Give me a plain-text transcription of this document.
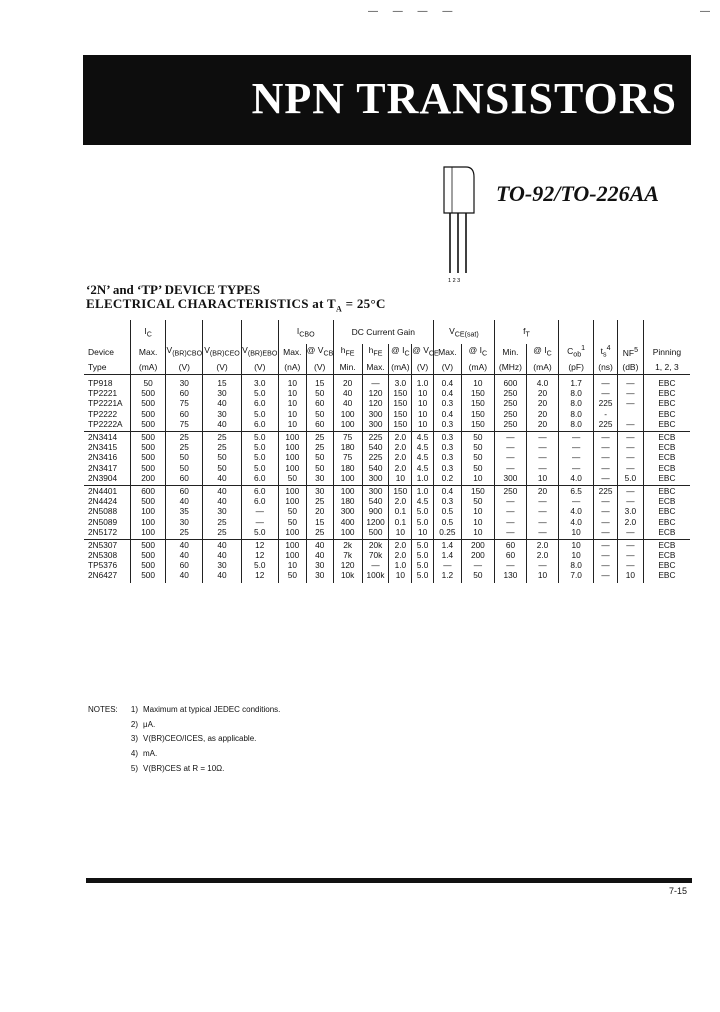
— — — —	—
NPN TRANSISTORS
1 2 3
TO-92/TO-226AA
‘2N’ and ‘TP’ DEVICE TYPES
ELECTRICAL CHARACTERISTICS at $T_A = 25^\circ C$
	$I_C$				$I_{CBO}$		DC Current Gain				$V_{CE(sat)}$		$f_T$				
Device	Max.	$V_{(BR)CBO}$	$V_{(BR)CEO}$	$V_{(BR)EBO}$	Max.	@ $V_{CB}$	$h_{FE}$	$h_{FE}$	@ $I_C$	@ $V_{CE}$	Max.	@ $I_C$	Min.	@ $I_C$	$C_{ob}^1$	$t_s^4$	$NF^5$	Pinning
Type	(mA)	(V)	(V)	(V)	(nA)	(V)	Min.	Max.	(mA)	(V)	(V)	(mA)	(MHz)	(mA)	(pF)	(ns)	(dB)	1, 2, 3
TP918	50	30	15	3.0	10	15	20	—	3.0	1.0	0.4	10	600	4.0	1.7	—	—	EBC
TP2221	500	60	30	5.0	10	50	40	120	150	10	0.4	150	250	20	8.0	—	—	EBC
TP2221A	500	75	40	6.0	10	60	40	120	150	10	0.3	150	250	20	8.0	225	—	EBC
TP2222	500	60	30	5.0	10	50	100	300	150	10	0.4	150	250	20	8.0	-		EBC
TP2222A	500	75	40	6.0	10	60	100	300	150	10	0.3	150	250	20	8.0	225	—	EBC
2N3414	500	25	25	5.0	100	25	75	225	2.0	4.5	0.3	50	—	—	—	—	—	ECB
2N3415	500	25	25	5.0	100	25	180	540	2.0	4.5	0.3	50	—	—	—	—	—	ECB
2N3416	500	50	50	5.0	100	50	75	225	2.0	4.5	0.3	50	—	—	—	—	—	ECB
2N3417	500	50	50	5.0	100	50	180	540	2.0	4.5	0.3	50	—	—	—	—	—	ECB
2N3904	200	60	40	6.0	50	30	100	300	10	1.0	0.2	10	300	10	4.0	—	5.0	EBC
2N4401	600	60	40	6.0	100	30	100	300	150	1.0	0.4	150	250	20	6.5	225	—	EBC
2N4424	500	40	40	6.0	100	25	180	540	2.0	4.5	0.3	50	—	—	—	—	—	ECB
2N5088	100	35	30	—	50	20	300	900	0.1	5.0	0.5	10	—	—	4.0	—	3.0	EBC
2N5089	100	30	25	—	50	15	400	1200	0.1	5.0	0.5	10	—	—	4.0	—	2.0	EBC
2N5172	100	25	25	5.0	100	25	100	500	10	10	0.25	10	—	—	10	—	—	ECB
2N5307	500	40	40	12	100	40	2k	20k	2.0	5.0	1.4	200	60	2.0	10	—	—	ECB
2N5308	500	40	40	12	100	40	7k	70k	2.0	5.0	1.4	200	60	2.0	10	—	—	ECB
TP5376	500	60	30	5.0	10	30	120	—	1.0	5.0	—	—	—	—	8.0	—	—	EBC
2N6427	500	40	40	12	50	30	10k	100k	10	5.0	1.2	50	130	10	7.0	—	10	EBC
NOTES: 1) Maximum at typical JEDEC conditions.
2) μA.
3) V(BR)CEO/ICES, as applicable.
4) mA.
5) V(BR)CES at R = 10Ω.
7-15
